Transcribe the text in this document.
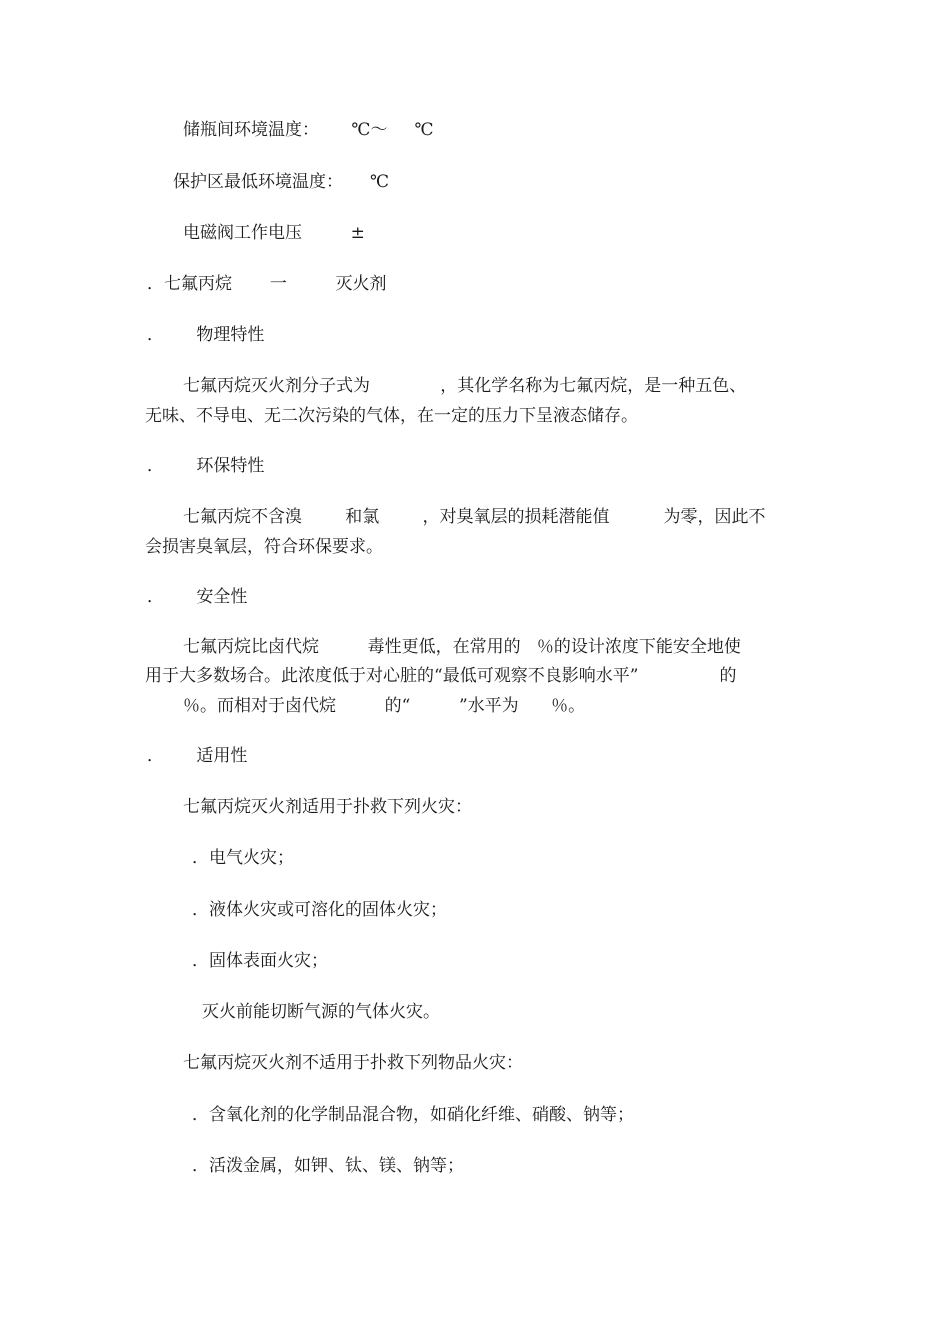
储瓶间环境温度：      ℃～     ℃
保护区最低环境温度：     ℃
电磁阀工作电压         ±
．七氟丙烷       一         灭火剂
．      物理特性
七氟丙烷灭火剂分子式为             ，其化学名称为七氟丙烷，是一种五色、
无味、不导电、无二次污染的气体，在一定的压力下呈液态储存。
．      环保特性
七氟丙烷不含溴        和氯        ，对臭氧层的损耗潜能值          为零，因此不
会损害臭氧层，符合环保要求。
．      安全性
七氟丙烷比卤代烷         毒性更低，在常用的   ％的设计浓度下能安全地使
用于大多数场合。此浓度低于对心脏的“最低可观察不良影响水平”               的
％。而相对于卤代烷         的“         ”水平为      ％。
．      适用性
七氟丙烷灭火剂适用于扑救下列火灾：
．电气火灾；
．液体火灾或可溶化的固体火灾；
．固体表面火灾；
灭火前能切断气源的气体火灾。
七氟丙烷灭火剂不适用于扑救下列物品火灾：
．含氧化剂的化学制品混合物，如硝化纤维、硝酸、钠等；
．活泼金属，如钾、钛、镁、钠等；
